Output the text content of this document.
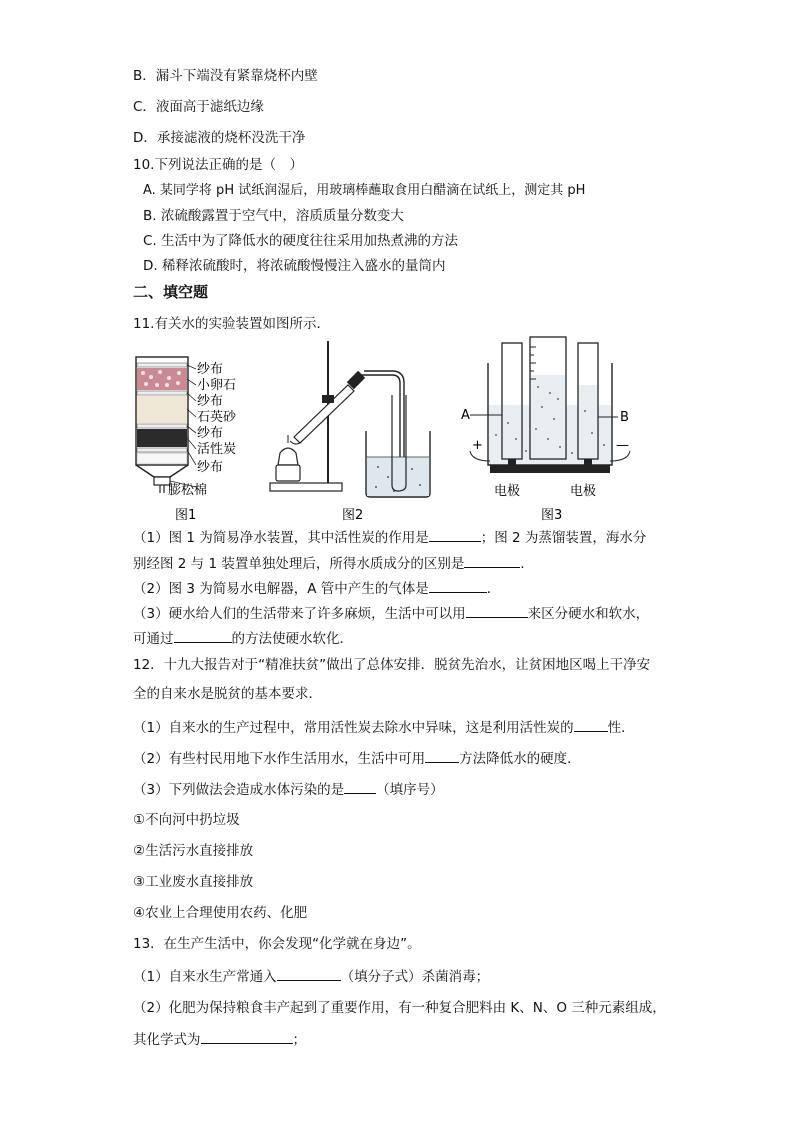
B．漏斗下端没有紧靠烧杯内壁
C．液面高于滤纸边缘
D．承接滤液的烧杯没洗干净
10.下列说法正确的是（　）
A. 某同学将 pH 试纸润湿后，用玻璃棒蘸取食用白醋滴在试纸上，测定其 pH
B. 浓硫酸露置于空气中，溶质质量分数变大
C. 生活中为了降低水的硬度往往采用加热煮沸的方法
D. 稀释浓硫酸时，将浓硫酸慢慢注入盛水的量筒内
二、填空题
11.有关水的实验装置如图所示．
纱布
小卵石
纱布
石英砂
纱布
活性炭
纱布
膨松棉
图1	图2
A	B
+	—
电极	电极
图3
（1）图 1 为简易净水装置，其中活性炭的作用是	；图 2 为蒸馏装置，海水分
别经图 2 与 1 装置单独处理后，所得水质成分的区别是	．
（2）图 3 为简易水电解器，A 管中产生的气体是	．
（3）硬水给人们的生活带来了许多麻烦，生活中可以用	来区分硬水和软水，
可通过	的方法使硬水软化．
12．十九大报告对于“精准扶贫”做出了总体安排．脱贫先治水，让贫困地区喝上干净安
全的自来水是脱贫的基本要求．
（1）自来水的生产过程中，常用活性炭去除水中异味，这是利用活性炭的	性．
（2）有些村民用地下水作生活用水，生活中可用	方法降低水的硬度．
（3）下列做法会造成水体污染的是 （填序号）
①不向河中扔垃圾
②生活污水直接排放
③工业废水直接排放
④农业上合理使用农药、化肥
13．在生产生活中，你会发现“化学就在身边”。
（1）自来水生产常通入	（填分子式）杀菌消毒；
（2）化肥为保持粮食丰产起到了重要作用，有一种复合肥料由 K、N、O 三种元素组成，
其化学式为	；
